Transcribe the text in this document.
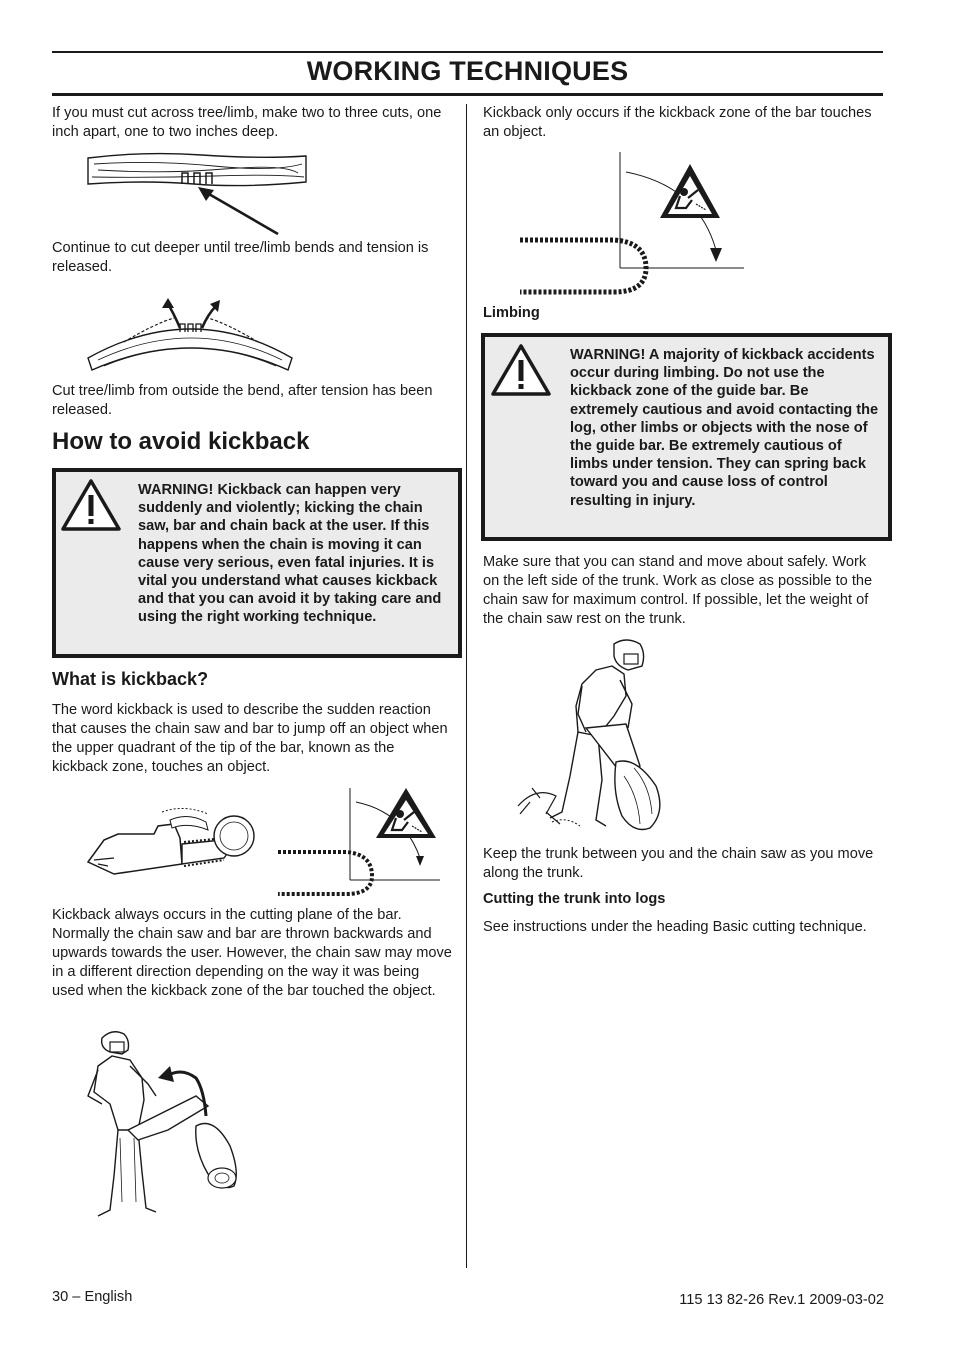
WORKING TECHNIQUES
If you must cut across tree/limb, make two to three cuts, one inch apart, one to two inches deep.
Continue to cut deeper until tree/limb bends and tension is released.
Cut tree/limb from outside the bend, after tension has been released.
How to avoid kickback
WARNING! Kickback can happen very suddenly and violently; kicking the chain saw, bar and chain back at the user. If this happens when the chain is moving it can cause very serious, even fatal injuries. It is vital you understand what causes kickback and that you can avoid it by taking care and using the right working technique.
What is kickback?
The word kickback is used to describe the sudden reaction that causes the chain saw and bar to jump off an object when the upper quadrant of the tip of the bar, known as the kickback zone, touches an object.
Kickback always occurs in the cutting plane of the bar. Normally the chain saw and bar are thrown backwards and upwards towards the user. However, the chain saw may move in a different direction depending on the way it was being used when the kickback zone of the bar touched the object.
Kickback only occurs if the kickback zone of the bar touches an object.
Limbing
WARNING! A majority of kickback accidents occur during limbing. Do not use the kickback zone of the guide bar. Be extremely cautious and avoid contacting the log, other limbs or objects with the nose of the guide bar. Be extremely cautious of limbs under tension. They can spring back toward you and cause loss of control resulting in injury.
Make sure that you can stand and move about safely. Work on the left side of the trunk. Work as close as possible to the chain saw for maximum control. If possible, let the weight of the chain saw rest on the trunk.
Keep the trunk between you and the chain saw as you move along the trunk.
Cutting the trunk into logs
See instructions under the heading Basic cutting technique.
30 – English	115 13 82-26 Rev.1 2009-03-02
